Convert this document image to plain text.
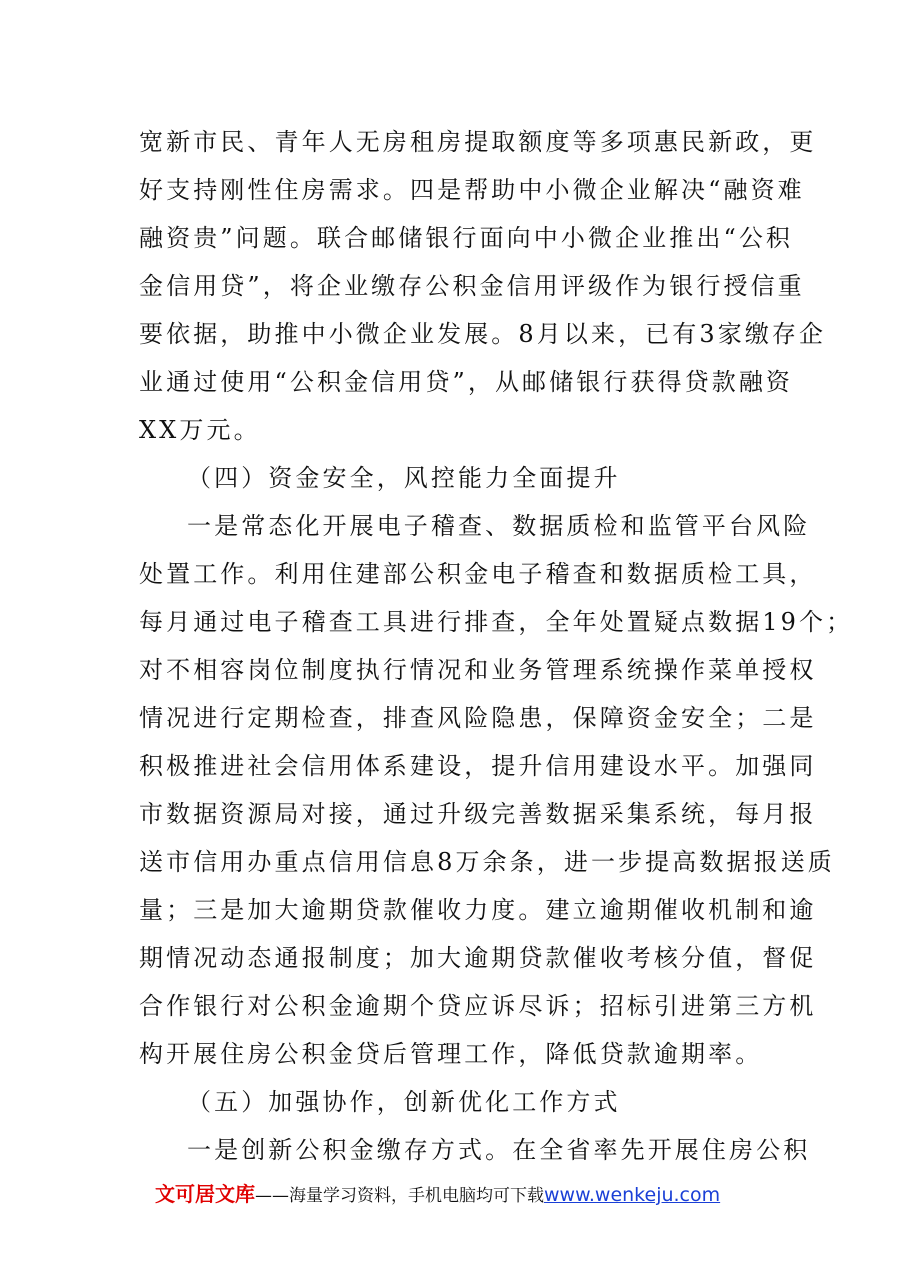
宽新市民、青年人无房租房提取额度等多项惠民新政，更
好支持刚性住房需求。四是帮助中小微企业解决“融资难
融资贵”问题。联合邮储银行面向中小微企业推出“公积
金信用贷”，将企业缴存公积金信用评级作为银行授信重
要依据，助推中小微企业发展。8月以来，已有3家缴存企
业通过使用“公积金信用贷”，从邮储银行获得贷款融资
XX万元。
（四）资金安全，风控能力全面提升
一是常态化开展电子稽查、数据质检和监管平台风险
处置工作。利用住建部公积金电子稽查和数据质检工具，
每月通过电子稽查工具进行排查，全年处置疑点数据19个；
对不相容岗位制度执行情况和业务管理系统操作菜单授权
情况进行定期检查，排查风险隐患，保障资金安全；二是
积极推进社会信用体系建设，提升信用建设水平。加强同
市数据资源局对接，通过升级完善数据采集系统，每月报
送市信用办重点信用信息8万余条，进一步提高数据报送质
量；三是加大逾期贷款催收力度。建立逾期催收机制和逾
期情况动态通报制度；加大逾期贷款催收考核分值，督促
合作银行对公积金逾期个贷应诉尽诉；招标引进第三方机
构开展住房公积金贷后管理工作，降低贷款逾期率。
（五）加强协作，创新优化工作方式
一是创新公积金缴存方式。在全省率先开展住房公积
文可居文库 ——海量学习资料，手机电脑均可下载 www.wenkeju.com
